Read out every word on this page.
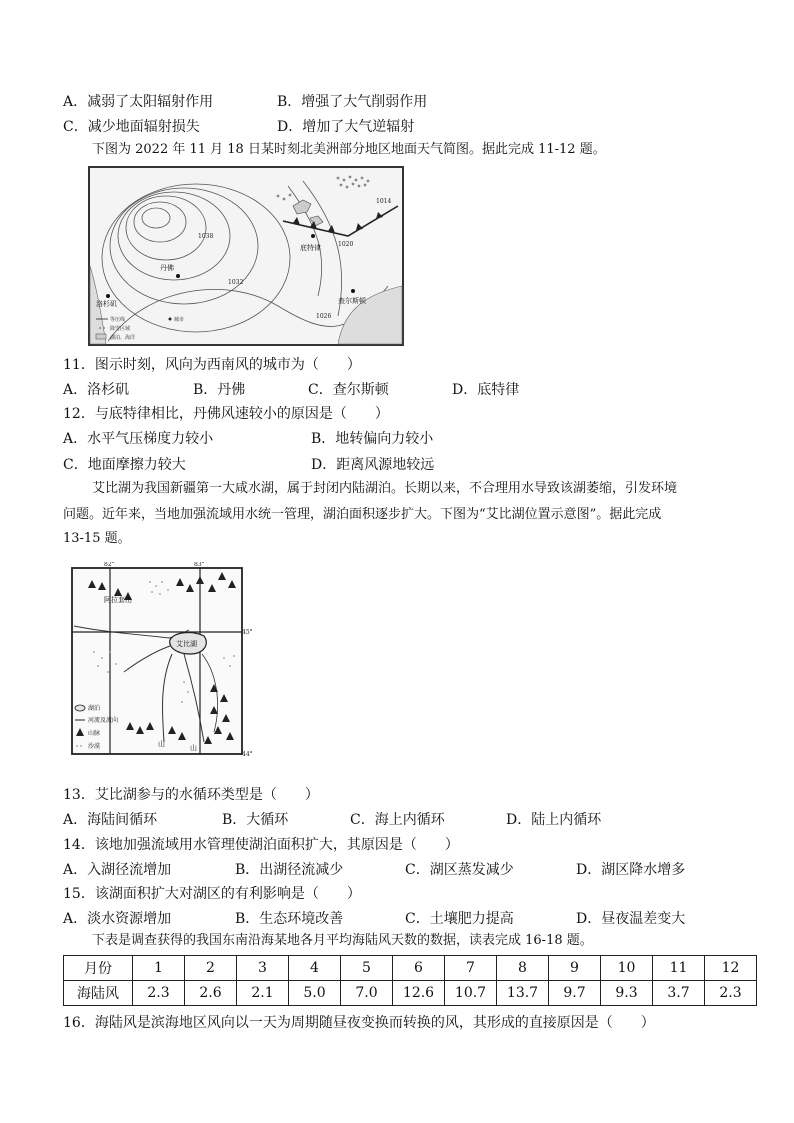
A．减弱了太阳辐射作用	B．增强了大气削弱作用
C．减少地面辐射损失	D．增加了大气逆辐射
下图为 2022 年 11 月 18 日某时刻北美洲部分地区地面天气简图。据此完成 11-12 题。
1014
1020
1026
1032
1038
丹佛
洛杉矶
底特律
查尔斯顿
等压线	城市
降雪区域
湖泊、海洋
11．图示时刻，风向为西南风的城市为（　　）
A．洛杉矶	B．丹佛	C．查尔斯顿	D．底特律
12．与底特律相比，丹佛风速较小的原因是（　　）
A．水平气压梯度力较小	B．地转偏向力较小
C．地面摩擦力较大	D．距离风源地较远
艾比湖为我国新疆第一大咸水湖，属于封闭内陆湖泊。长期以来，不合理用水导致该湖萎缩，引发环境
问题。近年来，当地加强流域用水统一管理，湖泊面积逐步扩大。下图为“艾比湖位置示意图”。据此完成
13-15 题。
82°	83°
45°
44°
艾比湖
阿拉套山
山	山
湖泊
河流及流向
山脉
沙漠
13．艾比湖参与的水循环类型是（　　）
A．海陆间循环	B．大循环	C．海上内循环	D．陆上内循环
14．该地加强流域用水管理使湖泊面积扩大，其原因是（　　）
A．入湖径流增加	B．出湖径流减少	C．湖区蒸发减少	D．湖区降水增多
15．该湖面积扩大对湖区的有利影响是（　　）
A．淡水资源增加	B．生态环境改善	C．土壤肥力提高	D．昼夜温差变大
下表是调查获得的我国东南沿海某地各月平均海陆风天数的数据，读表完成 16-18 题。
月份	1	2	3	4	5	6	7	8	9	10	11	12
海陆风	2.3	2.6	2.1	5.0	7.0	12.6	10.7	13.7	9.7	9.3	3.7	2.3
16．海陆风是滨海地区风向以一天为周期随昼夜变换而转换的风，其形成的直接原因是（　　）
